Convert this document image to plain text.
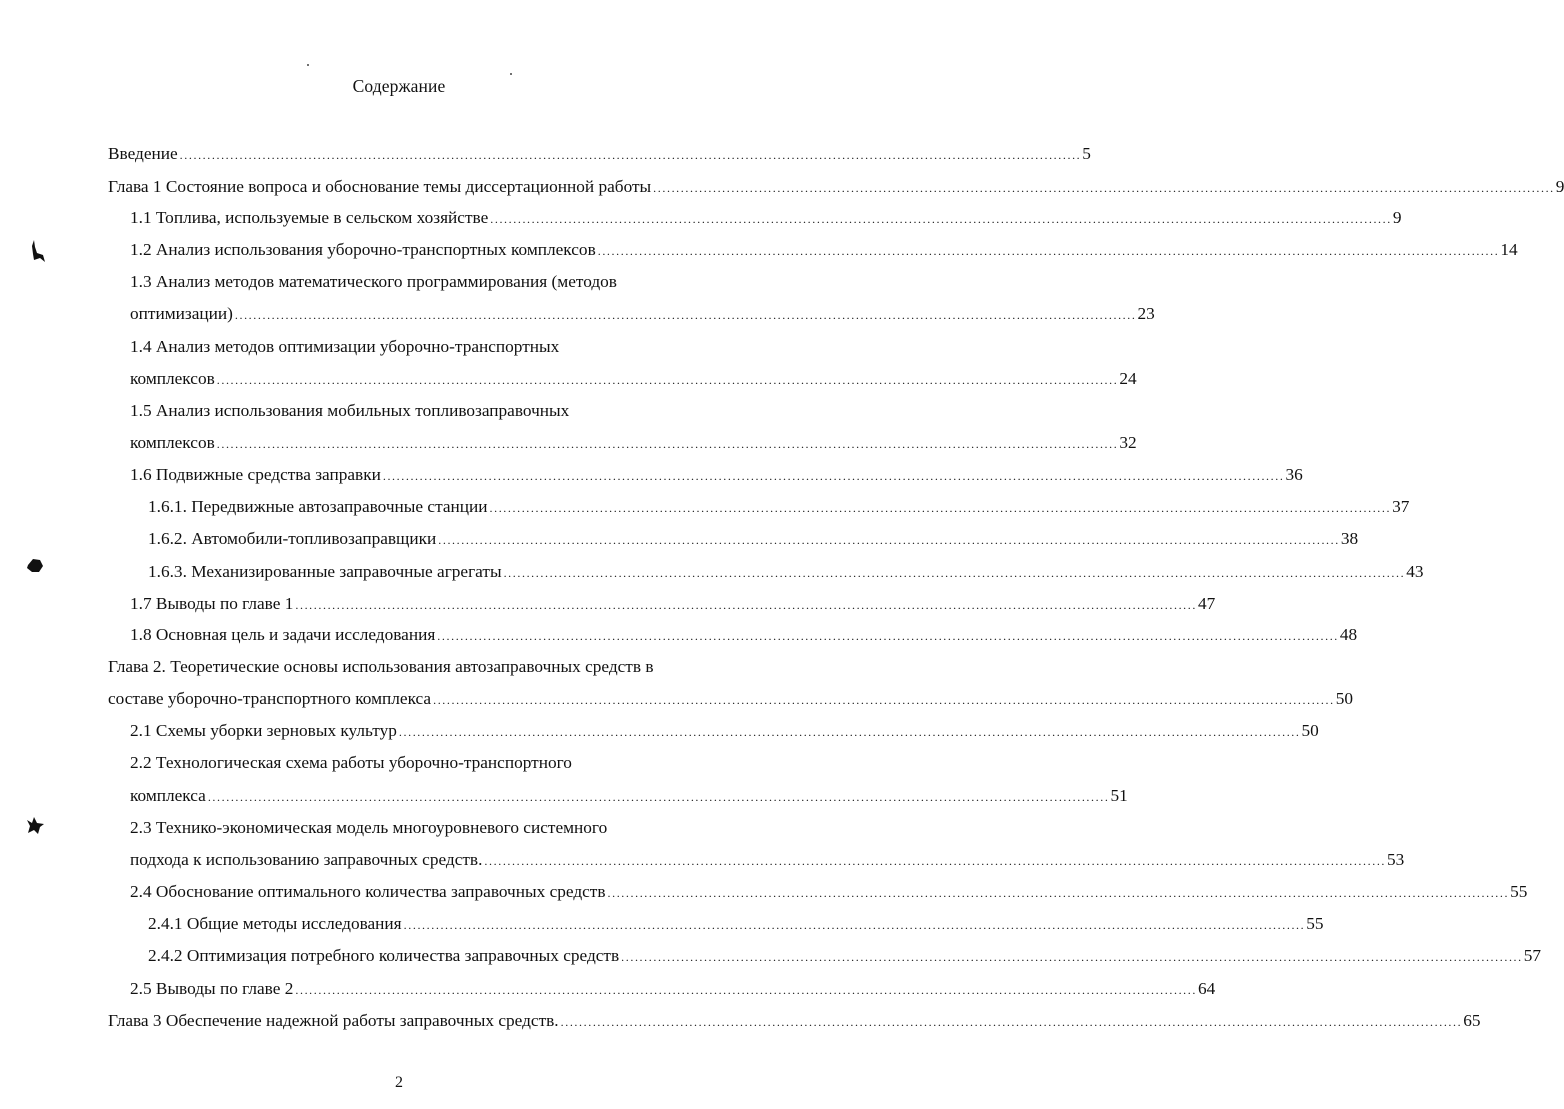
Содержание
Введение .................................................................................................................................................................................................... 5
Глава 1 Состояние вопроса и обоснование темы диссертационной работы .................................................................................................................................................................................................... 9
1.1 Топлива, используемые в сельском хозяйстве .................................................................................................................................................................................................... 9
1.2 Анализ использования уборочно-транспортных комплексов .................................................................................................................................................................................................... 14
1.3 Анализ методов математического программирования (методов
оптимизации) .................................................................................................................................................................................................... 23
1.4 Анализ методов оптимизации уборочно-транспортных
комплексов .................................................................................................................................................................................................... 24
1.5 Анализ использования мобильных топливозаправочных
комплексов .................................................................................................................................................................................................... 32
1.6 Подвижные средства заправки .................................................................................................................................................................................................... 36
1.6.1. Передвижные автозаправочные станции .................................................................................................................................................................................................... 37
1.6.2. Автомобили-топливозаправщики .................................................................................................................................................................................................... 38
1.6.3. Механизированные заправочные агрегаты .................................................................................................................................................................................................... 43
1.7 Выводы по главе 1 .................................................................................................................................................................................................... 47
1.8 Основная цель и задачи исследования .................................................................................................................................................................................................... 48
Глава 2. Теоретические основы использования автозаправочных средств в
составе уборочно-транспортного комплекса .................................................................................................................................................................................................... 50
2.1 Схемы уборки зерновых культур .................................................................................................................................................................................................... 50
2.2 Технологическая схема работы уборочно-транспортного
комплекса .................................................................................................................................................................................................... 51
2.3 Технико-экономическая модель многоуровневого системного
подхода к использованию заправочных средств. .................................................................................................................................................................................................... 53
2.4 Обоснование оптимального количества заправочных средств .................................................................................................................................................................................................... 55
2.4.1 Общие методы исследования .................................................................................................................................................................................................... 55
2.4.2 Оптимизация потребного количества заправочных средств .................................................................................................................................................................................................... 57
2.5 Выводы по главе 2 .................................................................................................................................................................................................... 64
Глава 3 Обеспечение надежной работы заправочных средств. .................................................................................................................................................................................................... 65
2
